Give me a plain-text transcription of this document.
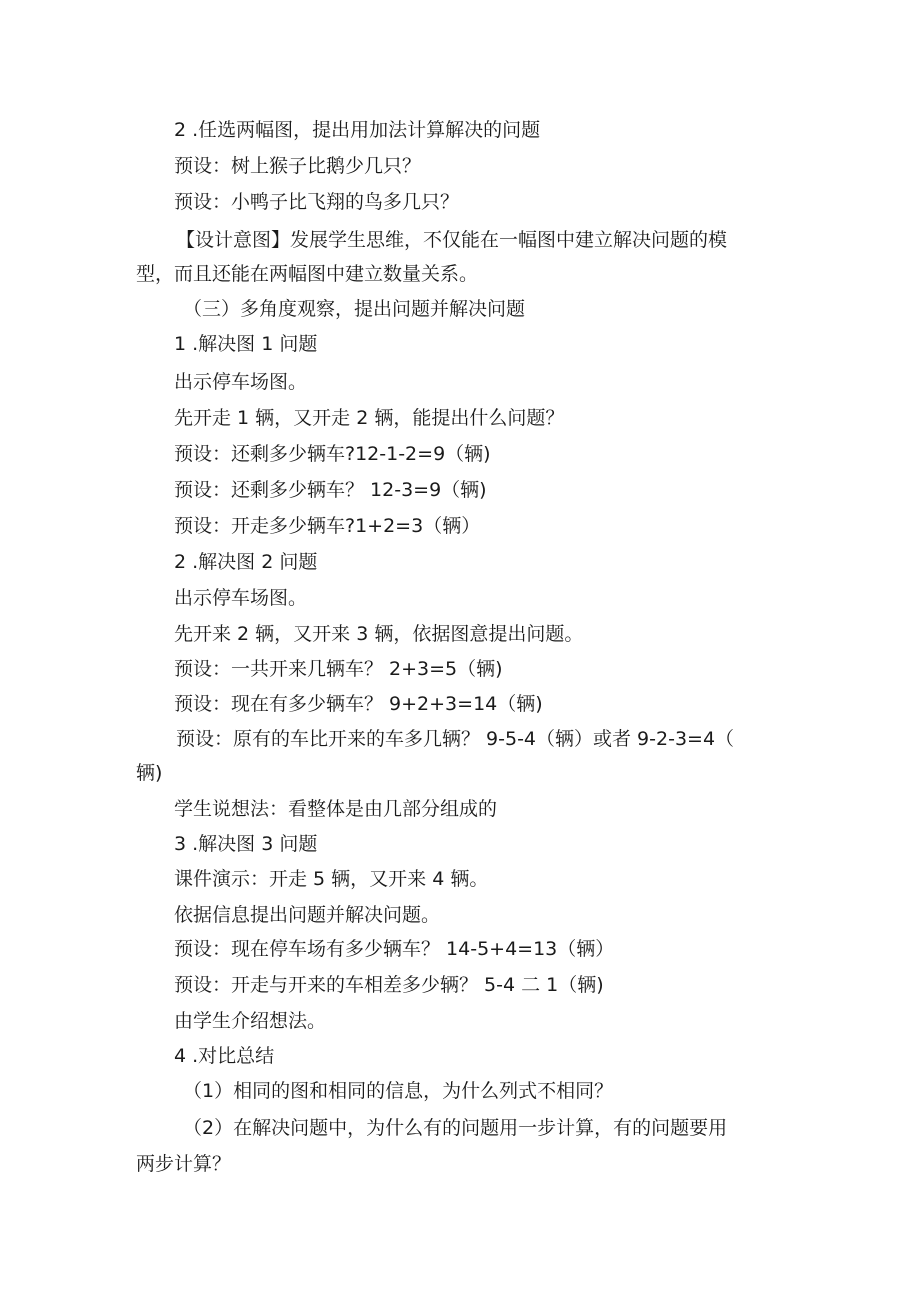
2 .任选两幅图，提出用加法计算解决的问题
预设：树上猴子比鹅少几只？
预设：小鸭子比飞翔的鸟多几只？
【设计意图】发展学生思维，不仅能在一幅图中建立解决问题的模
型，而且还能在两幅图中建立数量关系。
（三）多角度观察，提出问题并解决问题
1 .解决图 1 问题
出示停车场图。
先开走 1 辆，又开走 2 辆，能提出什么问题？
预设：还剩多少辆车?12-1-2=9（辆)
预设：还剩多少辆车？ 12-3=9（辆)
预设：开走多少辆车?1+2=3（辆）
2 .解决图 2 问题
出示停车场图。
先开来 2 辆，又开来 3 辆，依据图意提出问题。
预设：一共开来几辆车？ 2+3=5（辆)
预设：现在有多少辆车？ 9+2+3=14（辆)
预设：原有的车比开来的车多几辆？ 9-5-4（辆）或者 9-2-3=4（
辆)
学生说想法：看整体是由几部分组成的
3 .解决图 3 问题
课件演示：开走 5 辆，又开来 4 辆。
依据信息提出问题并解决问题。
预设：现在停车场有多少辆车？ 14-5+4=13（辆）
预设：开走与开来的车相差多少辆？ 5-4 二 1（辆)
由学生介绍想法。
4 .对比总结
（1）相同的图和相同的信息，为什么列式不相同？
（2）在解决问题中，为什么有的问题用一步计算，有的问题要用
两步计算？
